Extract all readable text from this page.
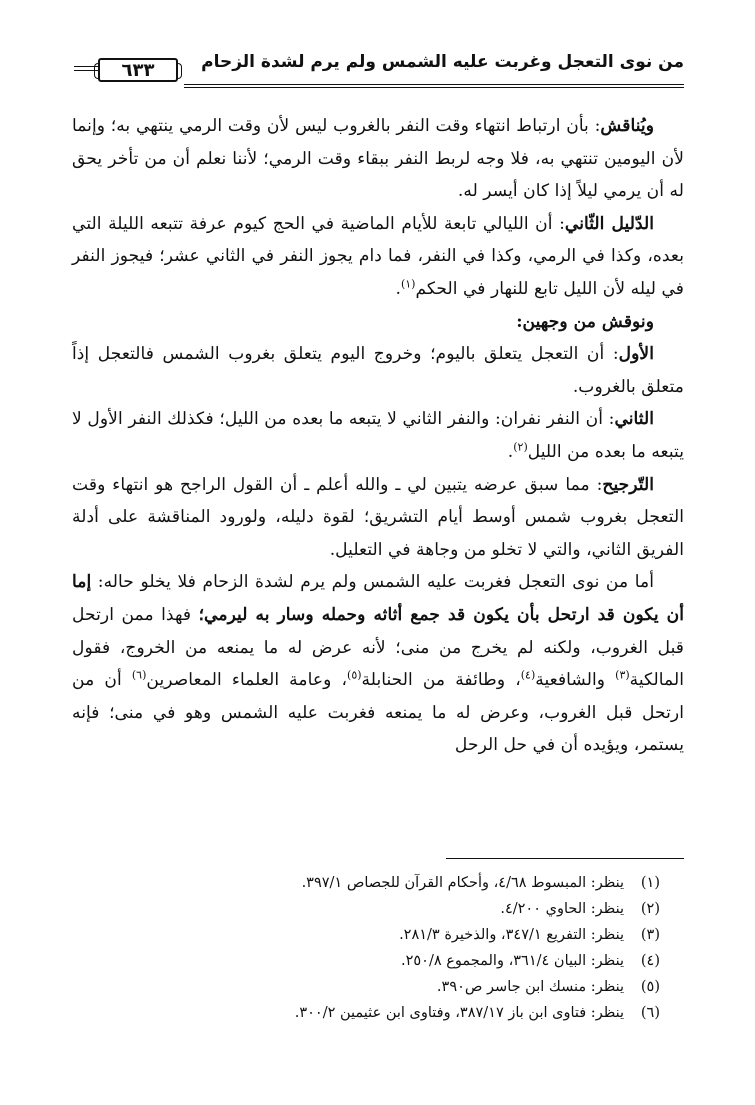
من نوى التعجل وغربت عليه الشمس ولم يرم لشدة الزحام
٦٣٣

ويُناقش: بأن ارتباط انتهاء وقت النفر بالغروب ليس لأن وقت الرمي ينتهي به؛ وإنما لأن اليومين تنتهي به، فلا وجه لربط النفر ببقاء وقت الرمي؛ لأننا نعلم أن من تأخر يحق له أن يرمي ليلاً إذا كان أيسر له.

الدّليل الثّاني: أن الليالي تابعة للأيام الماضية في الحج كيوم عرفة تتبعه الليلة التي بعده، وكذا في الرمي، وكذا في النفر، فما دام يجوز النفر في الثاني عشر؛ فيجوز النفر في ليله لأن الليل تابع للنهار في الحكم$^{(١)}$.

ونوقش من وجهين:

الأول: أن التعجل يتعلق باليوم؛ وخروج اليوم يتعلق بغروب الشمس فالتعجل إذاً متعلق بالغروب.

الثاني: أن النفر نفران: والنفر الثاني لا يتبعه ما بعده من الليل؛ فكذلك النفر الأول لا يتبعه ما بعده من الليل$^{(٢)}$.

التّرجيح: مما سبق عرضه يتبين لي ـ والله أعلم ـ أن القول الراجح هو انتهاء وقت التعجل بغروب شمس أوسط أيام التشريق؛ لقوة دليله، ولورود المناقشة على أدلة الفريق الثاني، والتي لا تخلو من وجاهة في التعليل.

أما من نوى التعجل فغربت عليه الشمس ولم يرم لشدة الزحام فلا يخلو حاله: إما أن يكون قد ارتحل بأن يكون قد جمع أثاثه وحمله وسار به ليرمي؛ فهذا ممن ارتحل قبل الغروب، ولكنه لم يخرج من منى؛ لأنه عرض له ما يمنعه من الخروج، فقول المالكية$^{(٣)}$ والشافعية$^{(٤)}$، وطائفة من الحنابلة$^{(٥)}$، وعامة العلماء المعاصرين$^{(٦)}$ أن من ارتحل قبل الغروب، وعرض له ما يمنعه فغربت عليه الشمس وهو في منى؛ فإنه يستمر، ويؤيده أن في حل الرحل

(١)ينظر: المبسوط ٤/٦٨، وأحكام القرآن للجصاص ٣٩٧/١.
(٢)ينظر: الحاوي ٤/٢٠٠.
(٣)ينظر: التفريع ٣٤٧/١، والذخيرة ٢٨١/٣.
(٤)ينظر: البيان ٣٦١/٤، والمجموع ٢٥٠/٨.
(٥)ينظر: منسك ابن جاسر ص٣٩٠.
(٦)ينظر: فتاوى ابن باز ٣٨٧/١٧، وفتاوى ابن عثيمين ٣٠٠/٢.
